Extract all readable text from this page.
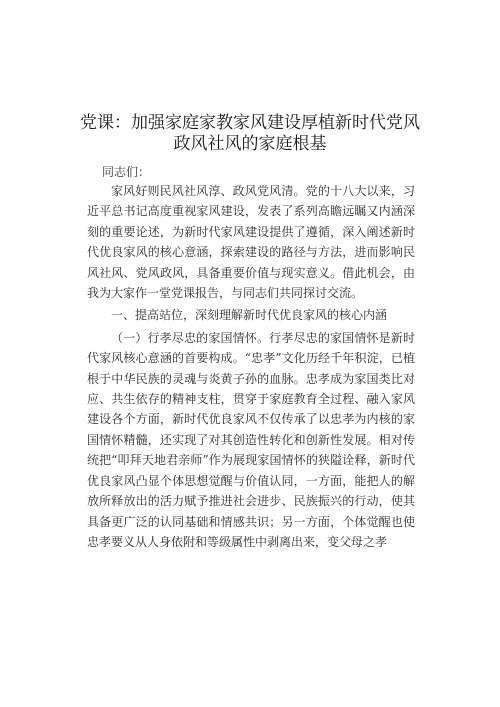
党课：加强家庭家教家风建设厚植新时代党风
政风社风的家庭根基
同志们：

家风好则民风社风淳、政风党风清。党的十八大以来，习近平总书记高度重视家风建设，发表了系列高瞻远瞩又内涵深刻的重要论述，为新时代家风建设提供了遵循，深入阐述新时代优良家风的核心意涵，探索建设的路径与方法，进而影响民风社风、党风政风，具备重要价值与现实意义。借此机会，由我为大家作一堂党课报告，与同志们共同探讨交流。

一、提高站位，深刻理解新时代优良家风的核心内涵

（一）行孝尽忠的家国情怀。行孝尽忠的家国情怀是新时代家风核心意涵的首要构成。“忠孝”文化历经千年积淀，已植根于中华民族的灵魂与炎黄子孙的血脉。忠孝成为家国类比对应、共生依存的精神支柱，贯穿于家庭教育全过程、融入家风建设各个方面，新时代优良家风不仅传承了以忠孝为内核的家国情怀精髓，还实现了对其创造性转化和创新性发展。相对传统把“叩拜天地君亲师”作为展现家国情怀的狭隘诠释，新时代优良家风凸显个体思想觉醒与价值认同，一方面，能把人的解放所释放出的活力赋予推进社会进步、民族振兴的行动，使其具备更广泛的认同基础和情感共识；另一方面，个体觉醒也使忠孝要义从人身依附和等级属性中剥离出来，变父母之孝
